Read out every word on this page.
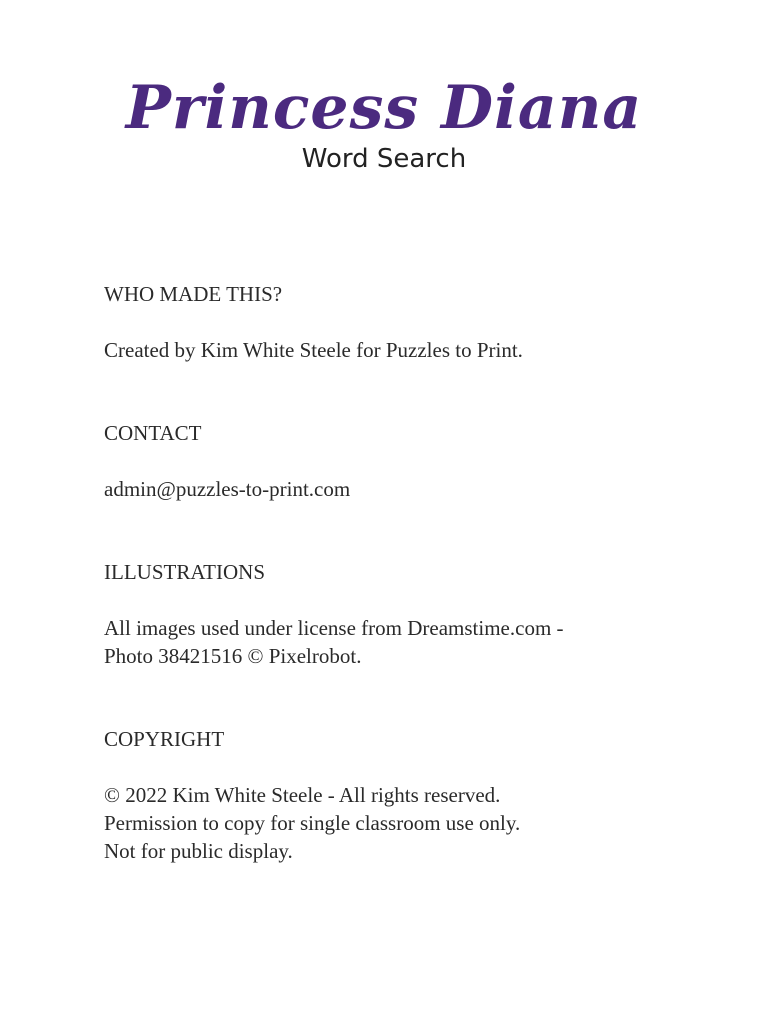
Princess Diana
Word Search
WHO MADE THIS?

Created by Kim White Steele for Puzzles to Print.

CONTACT

admin@puzzles-to-print.com

ILLUSTRATIONS

All images used under license from Dreamstime.com -

Photo 38421516 © Pixelrobot.

COPYRIGHT

© 2022 Kim White Steele - All rights reserved.

Permission to copy for single classroom use only.

Not for public display.
